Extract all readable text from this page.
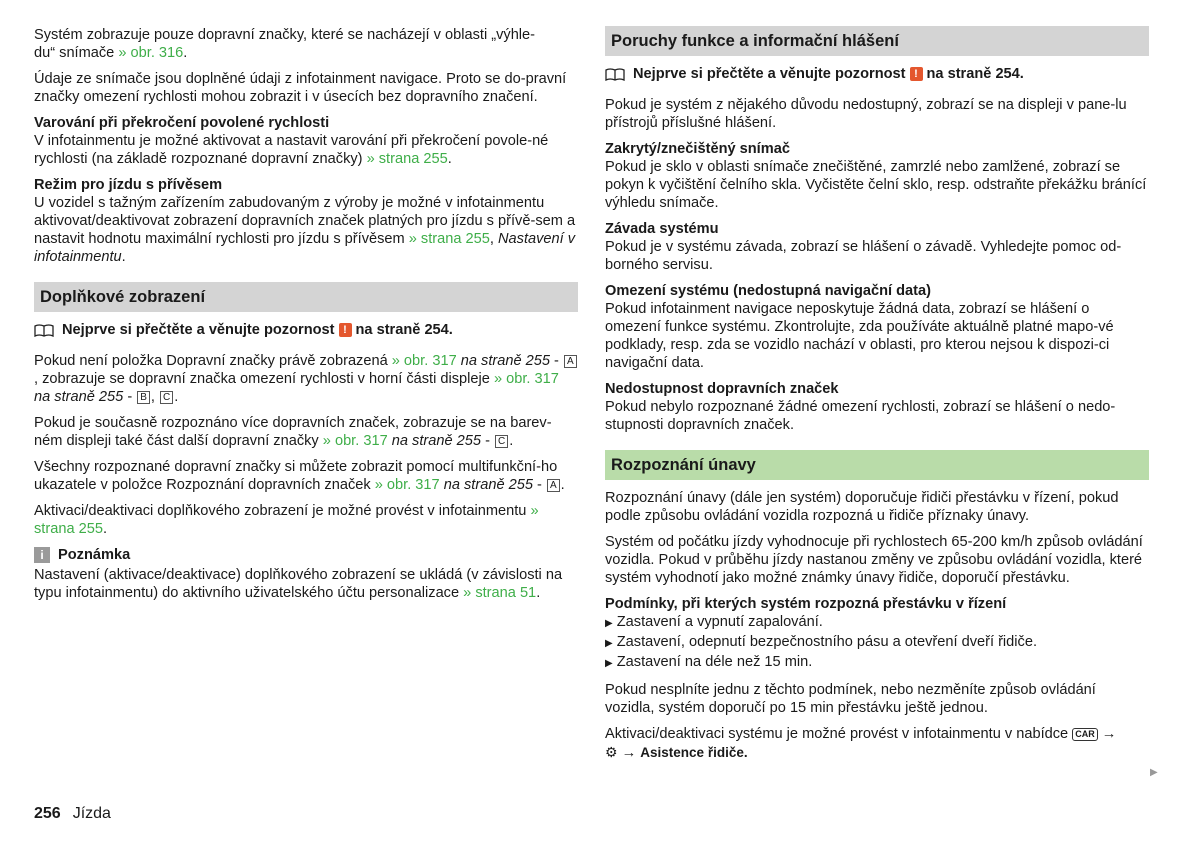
Systém zobrazuje pouze dopravní značky, které se nacházejí v oblasti „výhle-
du“ snímače » obr. 316.

Údaje ze snímače jsou doplněné údaji z infotainment navigace. Proto se do-pravní značky omezení rychlosti mohou zobrazit i v úsecích bez dopravního značení.

Varování při překročení povolené rychlosti
V infotainmentu je možné aktivovat a nastavit varování při překročení povole-né rychlosti (na základě rozpoznané dopravní značky) » strana 255.

Režim pro jízdu s přívěsem
U vozidel s tažným zařízením zabudovaným z výroby je možné v infotainmentu aktivovat/deaktivovat zobrazení dopravních značek platných pro jízdu s přívě-sem a nastavit hodnotu maximální rychlosti pro jízdu s přívěsem » strana 255, Nastavení v infotainmentu.

Doplňkové zobrazení
Nejprve si přečtěte a věnujte pozornost ! na straně 254.

Pokud není položka Dopravní značky právě zobrazená » obr. 317 na straně 255 - A, zobrazuje se dopravní značka omezení rychlosti v horní části displeje » obr. 317 na straně 255 - B , C .

Pokud je současně rozpoznáno více dopravních značek, zobrazuje se na barev-ném displeji také část další dopravní značky » obr. 317 na straně 255 - C .

Všechny rozpoznané dopravní značky si můžete zobrazit pomocí multifunkční-ho ukazatele v položce Rozpoznání dopravních značek » obr. 317 na straně 255 - A .

Aktivaci/deaktivaci doplňkového zobrazení je možné provést v infotainmentu » strana 255.

i Poznámka

Nastavení (aktivace/deaktivace) doplňkového zobrazení se ukládá (v závislosti na typu infotainmentu) do aktivního uživatelského účtu personalizace » strana 51.

Poruchy funkce a informační hlášení
Nejprve si přečtěte a věnujte pozornost ! na straně 254.

Pokud je systém z nějakého důvodu nedostupný, zobrazí se na displeji v pane-lu přístrojů příslušné hlášení.

Zakrytý/znečištěný snímač
Pokud je sklo v oblasti snímače znečištěné, zamrzlé nebo zamlžené, zobrazí se pokyn k vyčištění čelního skla. Vyčistěte čelní sklo, resp. odstraňte překážku bránící výhledu snímače.

Závada systému
Pokud je v systému závada, zobrazí se hlášení o závadě. Vyhledejte pomoc od-borného servisu.

Omezení systému (nedostupná navigační data)
Pokud infotainment navigace neposkytuje žádná data, zobrazí se hlášení o omezení funkce systému. Zkontrolujte, zda používáte aktuálně platné mapo-vé podklady, resp. zda se vozidlo nachází v oblasti, pro kterou nejsou k dispozi-ci navigační data.

Nedostupnost dopravních značek
Pokud nebylo rozpoznané žádné omezení rychlosti, zobrazí se hlášení o nedo-stupnosti dopravních značek.

Rozpoznání únavy

Rozpoznání únavy (dále jen systém) doporučuje řidiči přestávku v řízení, pokud podle způsobu ovládání vozidla rozpozná u řidiče příznaky únavy.

Systém od počátku jízdy vyhodnocuje při rychlostech 65-200 km/h způsob ovládání vozidla. Pokud v průběhu jízdy nastanou změny ve způsobu ovládání vozidla, které systém vyhodnotí jako možné známky únavy řidiče, doporučí přestávku.

Podmínky, při kterých systém rozpozná přestávku v řízení
▶ Zastavení a vypnutí zapalování.
▶ Zastavení, odepnutí bezpečnostního pásu a otevření dveří řidiče.
▶ Zastavení na déle než 15 min.

Pokud nesplníte jednu z těchto podmínek, nebo nezměníte způsob ovládání vozidla, systém doporučí po 15 min přestávku ještě jednou.

Aktivaci/deaktivaci systému je možné provést v infotainmentu v nabídce CAR →
⚙ → Asistence řidiče.

▶
256 Jízda
